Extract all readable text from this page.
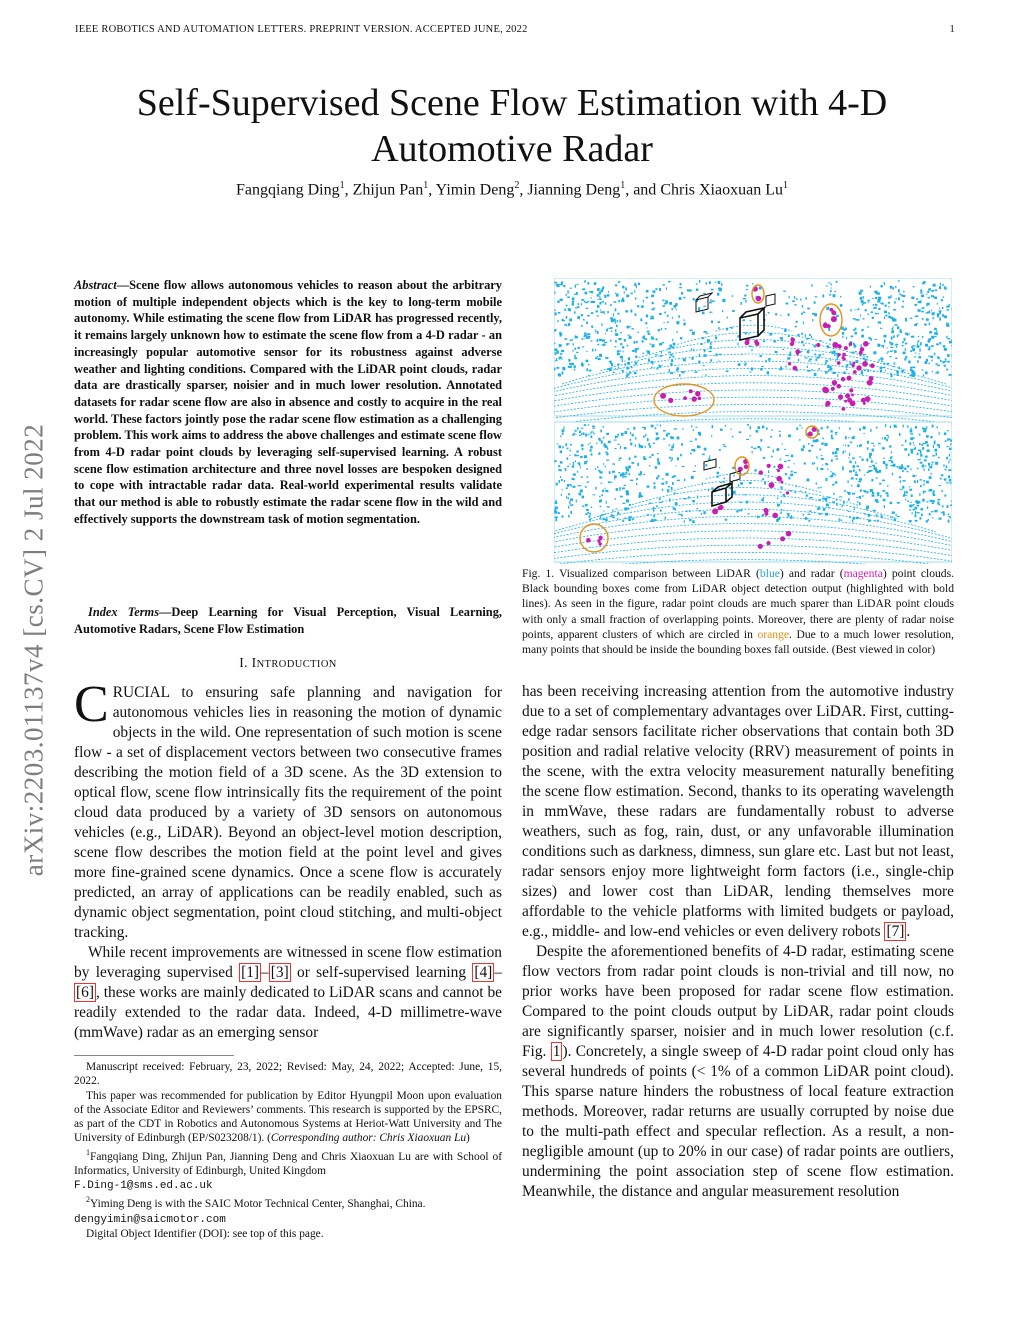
IEEE ROBOTICS AND AUTOMATION LETTERS. PREPRINT VERSION. ACCEPTED JUNE, 2022	1
Self-Supervised Scene Flow Estimation with 4-D
Automotive Radar
Fangqiang Ding$^1$, Zhijun Pan$^1$, Yimin Deng$^2$, Jianning Deng$^1$, and Chris Xiaoxuan Lu$^1$
arXiv:2203.01137v4 [cs.CV] 2 Jul 2022

Abstract—Scene flow allows autonomous vehicles to reason about the arbitrary motion of multiple independent objects which is the key to long-term mobile autonomy. While estimating the scene flow from LiDAR has progressed recently, it remains largely unknown how to estimate the scene flow from a 4-D radar - an increasingly popular automotive sensor for its robustness against adverse weather and lighting conditions. Compared with the LiDAR point clouds, radar data are drastically sparser, noisier and in much lower resolution. Annotated datasets for radar scene flow are also in absence and costly to acquire in the real world. These factors jointly pose the radar scene flow estimation as a challenging problem. This work aims to address the above challenges and estimate scene flow from 4-D radar point clouds by leveraging self-supervised learning. A robust scene flow estimation architecture and three novel losses are bespoken designed to cope with intractable radar data. Real-world experimental results validate that our method is able to robustly estimate the radar scene flow in the wild and effectively supports the downstream task of motion segmentation.

Index Terms—Deep Learning for Visual Perception, Visual Learning, Automotive Radars, Scene Flow Estimation

I. INTRODUCTION

CRUCIAL to ensuring safe planning and navigation for autonomous vehicles lies in reasoning the motion of dynamic objects in the wild. One representation of such motion is scene flow - a set of displacement vectors between two consecutive frames describing the motion field of a 3D scene. As the 3D extension to optical flow, scene flow intrinsically fits the requirement of the point cloud data produced by a variety of 3D sensors on autonomous vehicles (e.g., LiDAR). Beyond an object-level motion description, scene flow describes the motion field at the point level and gives more fine-grained scene dynamics. Once a scene flow is accurately predicted, an array of applications can be readily enabled, such as dynamic object segmentation, point cloud stitching, and multi-object tracking.

While recent improvements are witnessed in scene flow estimation by leveraging supervised [1] – [3] or self-supervised learning [4] –[6] , these works are mainly dedicated to LiDAR scans and cannot be readily extended to the radar data. Indeed, 4-D millimetre-wave (mmWave) radar as an emerging sensor

Manuscript received: February, 23, 2022; Revised: May, 24, 2022; Accepted: June, 15, 2022.

This paper was recommended for publication by Editor Hyungpil Moon upon evaluation of the Associate Editor and Reviewers’ comments. This research is supported by the EPSRC, as part of the CDT in Robotics and Autonomous Systems at Heriot-Watt University and The University of Edinburgh (EP/S023208/1). (Corresponding author: Chris Xiaoxuan Lu)

$^1$Fangqiang Ding, Zhijun Pan, Jianning Deng and Chris Xiaoxuan Lu are with School of Informatics, University of Edinburgh, United Kingdom
F.Ding-1@sms.ed.ac.uk

$^2$Yiming Deng is with the SAIC Motor Technical Center, Shanghai, China.
dengyimin@saicmotor.com

Digital Object Identifier (DOI): see top of this page.

Fig. 1. Visualized comparison between LiDAR (blue) and radar (magenta) point clouds. Black bounding boxes come from LiDAR object detection output (highlighted with bold lines). As seen in the figure, radar point clouds are much sparer than LiDAR point clouds with only a small fraction of overlapping points. Moreover, there are plenty of radar noise points, apparent clusters of which are circled in orange. Due to a much lower resolution, many points that should be inside the bounding boxes fall outside. (Best viewed in color)

has been receiving increasing attention from the automotive industry due to a set of complementary advantages over LiDAR. First, cutting-edge radar sensors facilitate richer observations that contain both 3D position and radial relative velocity (RRV) measurement of points in the scene, with the extra velocity measurement naturally benefiting the scene flow estimation. Second, thanks to its operating wavelength in mmWave, these radars are fundamentally robust to adverse weathers, such as fog, rain, dust, or any unfavorable illumination conditions such as darkness, dimness, sun glare etc. Last but not least, radar sensors enjoy more lightweight form factors (i.e., single-chip sizes) and lower cost than LiDAR, lending themselves more affordable to the vehicle platforms with limited budgets or payload, e.g., middle- and low-end vehicles or even delivery robots [7] .

Despite the aforementioned benefits of 4-D radar, estimating scene flow vectors from radar point clouds is non-trivial and till now, no prior works have been proposed for radar scene flow estimation. Compared to the point clouds output by LiDAR, radar point clouds are significantly sparser, noisier and in much lower resolution (c.f. Fig. 1 ). Concretely, a single sweep of 4-D radar point cloud only has several hundreds of points (< 1% of a common LiDAR point cloud). This sparse nature hinders the robustness of local feature extraction methods. Moreover, radar returns are usually corrupted by noise due to the multi-path effect and specular reflection. As a result, a non-negligible amount (up to 20% in our case) of radar points are outliers, undermining the point association step of scene flow estimation. Meanwhile, the distance and angular measurement resolution
